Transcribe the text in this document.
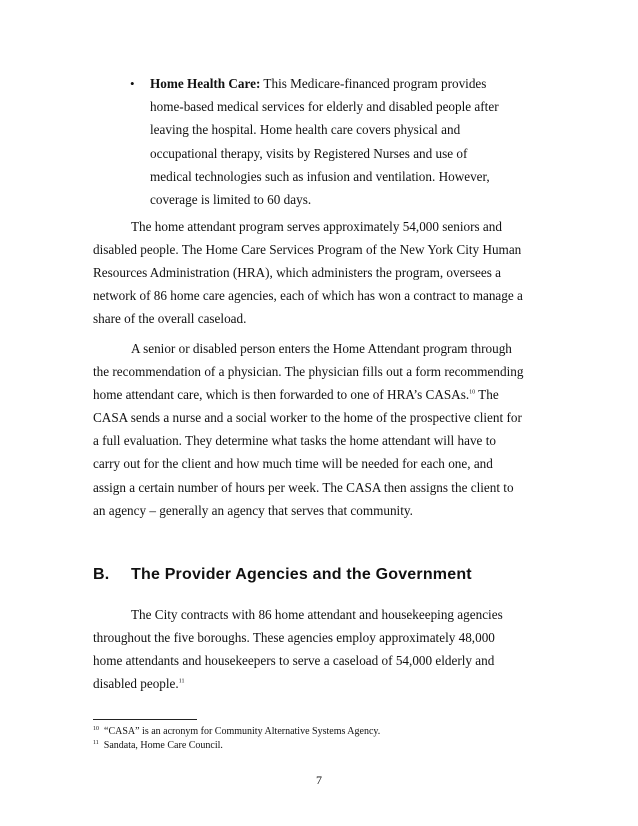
• Home Health Care: This Medicare-financed program provides home-based medical services for elderly and disabled people after leaving the hospital. Home health care covers physical and occupational therapy, visits by Registered Nurses and use of medical technologies such as infusion and ventilation. However, coverage is limited to 60 days.

The home attendant program serves approximately 54,000 seniors and disabled people. The Home Care Services Program of the New York City Human Resources Administration (HRA), which administers the program, oversees a network of 86 home care agencies, each of which has won a contract to manage a share of the overall caseload.

A senior or disabled person enters the Home Attendant program through the recommendation of a physician. The physician fills out a form recommending home attendant care, which is then forwarded to one of HRA’s CASAs.$^{10}$ The CASA sends a nurse and a social worker to the home of the prospective client for a full evaluation. They determine what tasks the home attendant will have to carry out for the client and how much time will be needed for each one, and assign a certain number of hours per week. The CASA then assigns the client to an agency – generally an agency that serves that community.

B. The Provider Agencies and the Government

The City contracts with 86 home attendant and housekeeping agencies throughout the five boroughs. These agencies employ approximately 48,000 home attendants and housekeepers to serve a caseload of 54,000 elderly and disabled people.$^{11}$

$^{10}$ “CASA” is an acronym for Community Alternative Systems Agency.
$^{11}$ Sandata, Home Care Council.
7
